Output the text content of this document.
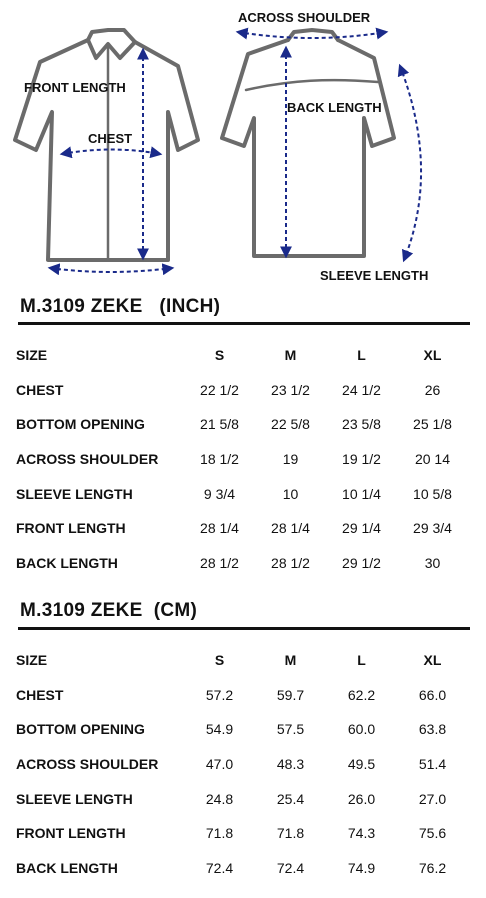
FRONT LENGTH
CHEST
ACROSS SHOULDER
BACK LENGTH
SLEEVE LENGTH
M.3109 ZEKE   (INCH)
SIZE	S	M	L	XL
CHEST	22 1/2	23 1/2	24 1/2	26
BOTTOM OPENING	21 5/8	22 5/8	23 5/8	25 1/8
ACROSS SHOULDER	18 1/2	19	19 1/2	20 14
SLEEVE LENGTH	9 3/4	10	10 1/4	10 5/8
FRONT LENGTH	28 1/4	28 1/4	29 1/4	29 3/4
BACK LENGTH	28 1/2	28 1/2	29 1/2	30
M.3109 ZEKE  (CM)
SIZE	S	M	L	XL
CHEST	57.2	59.7	62.2	66.0
BOTTOM OPENING	54.9	57.5	60.0	63.8
ACROSS SHOULDER	47.0	48.3	49.5	51.4
SLEEVE LENGTH	24.8	25.4	26.0	27.0
FRONT LENGTH	71.8	71.8	74.3	75.6
BACK LENGTH	72.4	72.4	74.9	76.2
